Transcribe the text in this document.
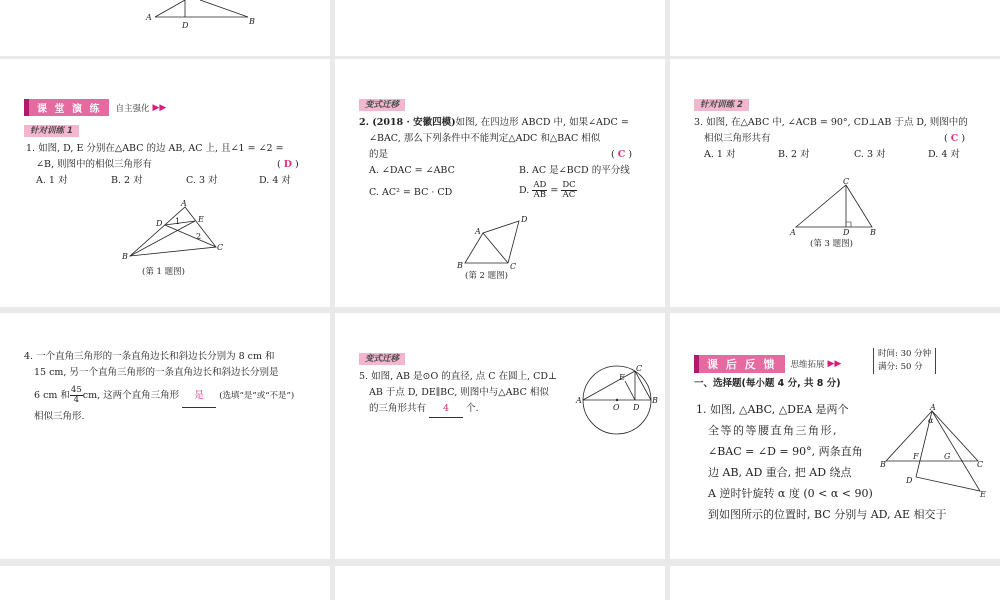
A
D	B
课 堂 演 练	自主强化 ▶▶
针对训练 1
1. 如图, D, E 分别在△ABC 的边 AB, AC 上, 且∠1 = ∠2 =
∠B, 则图中的相似三角形有	( D )
A. 1 对	B. 2 对	C. 3 对	D. 4 对
A
D	E
B
C
1
2
(第 1 题图)
变式迁移
2. (2018 · 安徽四模)如图, 在四边形 ABCD 中, 如果∠ADC =
∠BAC, 那么下列条件中不能判定△ADC 和△BAC 相似
的是	( C )
A. ∠DAC = ∠ABC	B. AC 是∠BCD 的平分线
C. AC² = BC · CD	D. $\frac{AD}{AB} = \frac{DC}{AC}$
A
D
B	C
(第 2 题图)
针对训练 2
3. 如图, 在△ABC 中, ∠ACB = 90°, CD⊥AB 于点 D, 则图中的
相似三角形共有	( C )
A. 1 对	B. 2 对	C. 3 对	D. 4 对
C
A	D	B
(第 3 题图)
4. 一个直角三角形的一条直角边长和斜边长分别为 8 cm 和
15 cm, 另一个直角三角形的一条直角边长和斜边长分别是
6 cm 和 $\frac{45}{4}$ cm, 这两个直角三角形 是 (选填“是”或“不是”)
相似三角形.
变式迁移
5. 如图, AB 是⊙O 的直径, 点 C 在圆上, CD⊥
AB 于点 D, DE∥BC, 则图中与△ABC 相似
的三角形共有 4 个.
A	B
C
E
O D
课 后 反 馈	思维拓展 ▶▶
时间: 30 分钟
满分: 50 分
一、选择题(每小题 4 分, 共 8 分)
1. 如图, △ABC, △DEA 是两个
全等的等腰直角三角形,
∠BAC = ∠D = 90°, 两条直角
边 AB, AD 重合, 把 AD 绕点
A 逆时针旋转 α 度 (0 < α < 90)
到如图所示的位置时, BC 分别与 AD, AE 相交于
A
α
B	C
F	G
D
E
